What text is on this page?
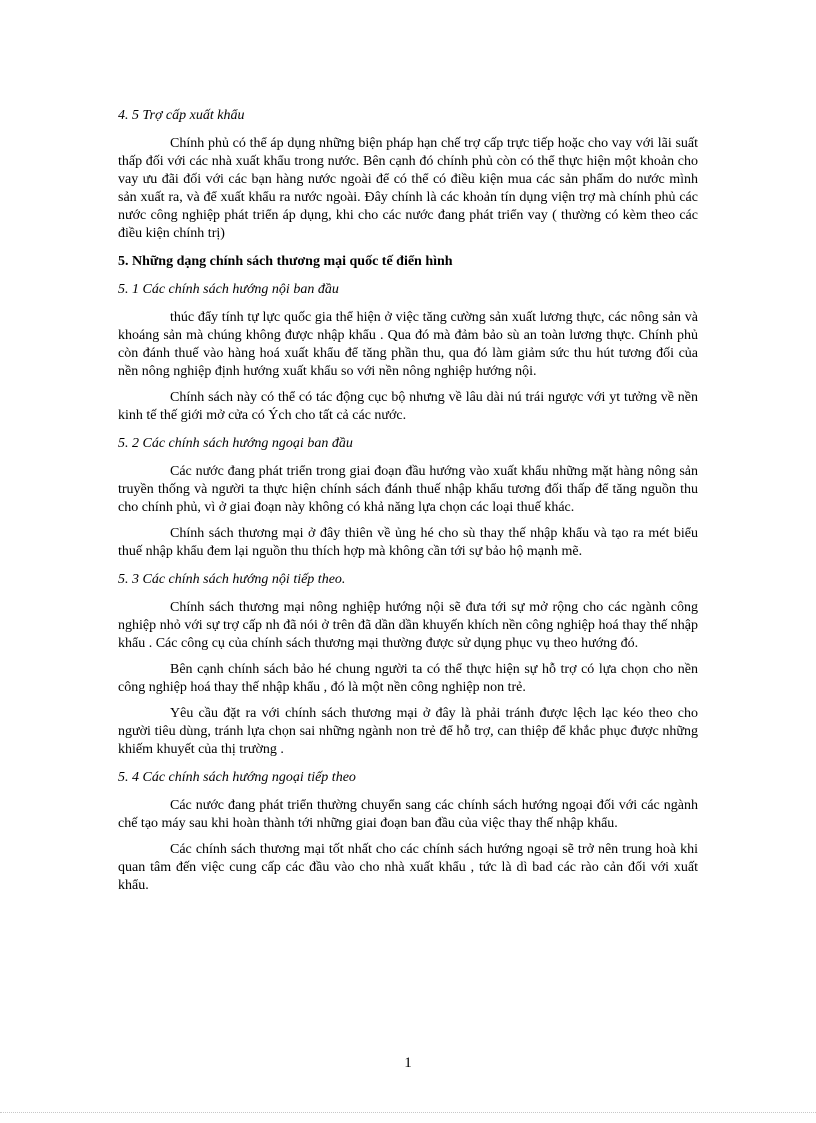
4. 5 Trợ cấp xuất khẩu

Chính phủ có thể áp dụng những biện pháp hạn chế trợ cấp trực tiếp hoặc cho vay với lãi suất thấp đối với các nhà xuất khẩu trong nước. Bên cạnh đó chính phủ còn có thể thực hiện một khoản cho vay ưu đãi đối với các bạn hàng nước ngoài để có thể có điều kiện mua các sản phẩm do nước mình sản xuất ra, và để xuất khẩu ra nước ngoài. Đây chính là các khoản tín dụng viện trợ mà chính phủ các nước công nghiệp phát triển áp dụng, khi cho các nước đang phát triển vay ( thường có kèm theo các điều kiện chính trị)

5. Những dạng chính sách thương mại quốc tế điển hình
5. 1 Các chính sách hướng nội ban đầu

thúc đẩy tính tự lực quốc gia thể hiện ở việc tăng cường sản xuất lương thực, các nông sản và khoáng sản mà chúng không được nhập khẩu . Qua đó mà đảm bảo sù an toàn lương thực. Chính phủ còn đánh thuế vào hàng hoá xuất khẩu để tăng phần thu, qua đó làm giảm sức thu hút tương đối của nền nông nghiệp định hướng xuất khẩu so với nền nông nghiệp hướng nội.

Chính sách này có thể có tác động cục bộ nhưng về lâu dài nú trái ngược với yt tưởng về nền kinh tế thế giới mở cửa có Ých cho tất cả các nước.

5. 2 Các chính sách hướng ngoại ban đầu

Các nước đang phát triển trong giai đoạn đầu hướng vào xuất khẩu những mặt hàng nông sản truyền thống và người ta thực hiện chính sách đánh thuế nhập khẩu tương đối thấp để tăng nguồn thu cho chính phủ, vì ở giai đoạn này không có khả năng lựa chọn các loại thuế khác.

Chính sách thương mại ở đây thiên về ủng hé cho sù thay thế nhập khẩu và tạo ra mét biểu thuế nhập khẩu đem lại nguồn thu thích hợp mà không cần tới sự bảo hộ mạnh mẽ.

5. 3 Các chính sách hướng nội tiếp theo.

Chính sách thương mại nông nghiệp hướng nội sẽ đưa tới sự mở rộng cho các ngành công nghiệp nhỏ với sự trợ cấp nh đã nói ở trên đã dần dần khuyến khích nền công nghiệp hoá thay thế nhập khẩu . Các công cụ của chính sách thương mại thường được sử dụng phục vụ theo hướng đó.

Bên cạnh chính sách bảo hé chung người ta có thể thực hiện sự hỗ trợ có lựa chọn cho nền công nghiệp hoá thay thế nhập khẩu , đó là một nền công nghiệp non trẻ.

Yêu cầu đặt ra với chính sách thương mại ở đây là phải tránh được lệch lạc kéo theo cho người tiêu dùng, tránh lựa chọn sai những ngành non trẻ để hỗ trợ, can thiệp để khắc phục được những khiếm khuyết của thị trường .

5. 4 Các chính sách hướng ngoại tiếp theo

Các nước đang phát triển thường chuyển sang các chính sách hướng ngoại đối với các ngành chế tạo máy sau khi hoàn thành tới những giai đoạn ban đầu của việc thay thế nhập khẩu.

Các chính sách thương mại tốt nhất cho các chính sách hướng ngoại sẽ trở nên trung hoà khi quan tâm đến việc cung cấp các đầu vào cho nhà xuất khẩu , tức là dì bad các rào cản đối với xuất khẩu.

1
